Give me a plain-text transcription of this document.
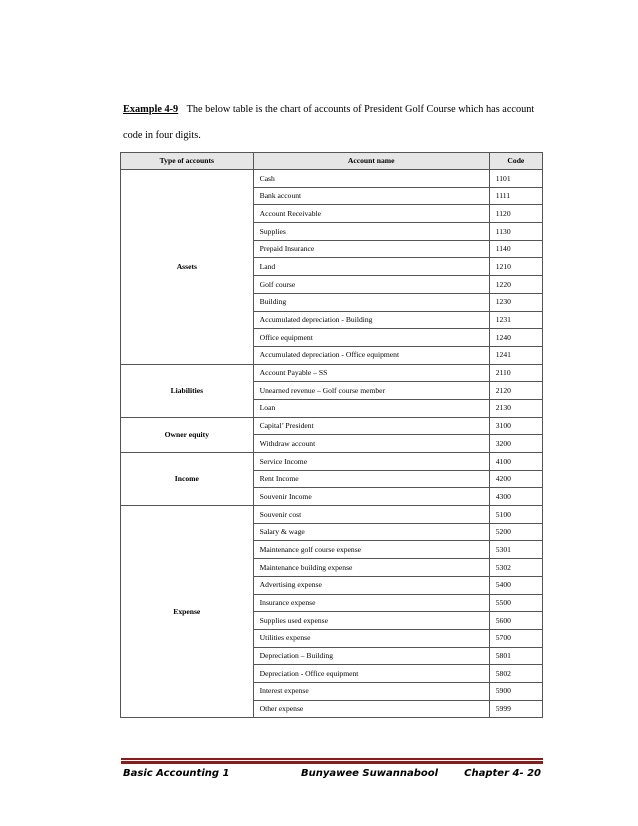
Example 4-9 The below table is the chart of accounts of President Golf Course which has account code in four digits.
Type of accounts	Account name	Code
Assets	Cash	1101
	Bank account	1111
	Account Receivable	1120
	Supplies	1130
	Prepaid Insurance	1140
	Land	1210
	Golf course	1220
	Building	1230
	Accumulated depreciation - Building	1231
	Office equipment	1240
	Accumulated depreciation - Office equipment	1241
Liabilities	Account Payable – SS	2110
	Unearned revenue – Golf course member	2120
	Loan	2130
Owner equity	Capital’ President	3100
	Withdraw account	3200
Income	Service Income	4100
	Rent Income	4200
	Souvenir Income	4300
Expense	Souvenir cost	5100
	Salary & wage	5200
	Maintenance golf course expense	5301
	Maintenance building expense	5302
	Advertising expense	5400
	Insurance expense	5500
	Supplies used expense	5600
	Utilities expense	5700
	Depreciation – Building	5801
	Depreciation - Office equipment	5802
	Interest expense	5900
	Other expense	5999
Basic Accounting 1	Bunyawee Suwannabool	Chapter 4- 20
